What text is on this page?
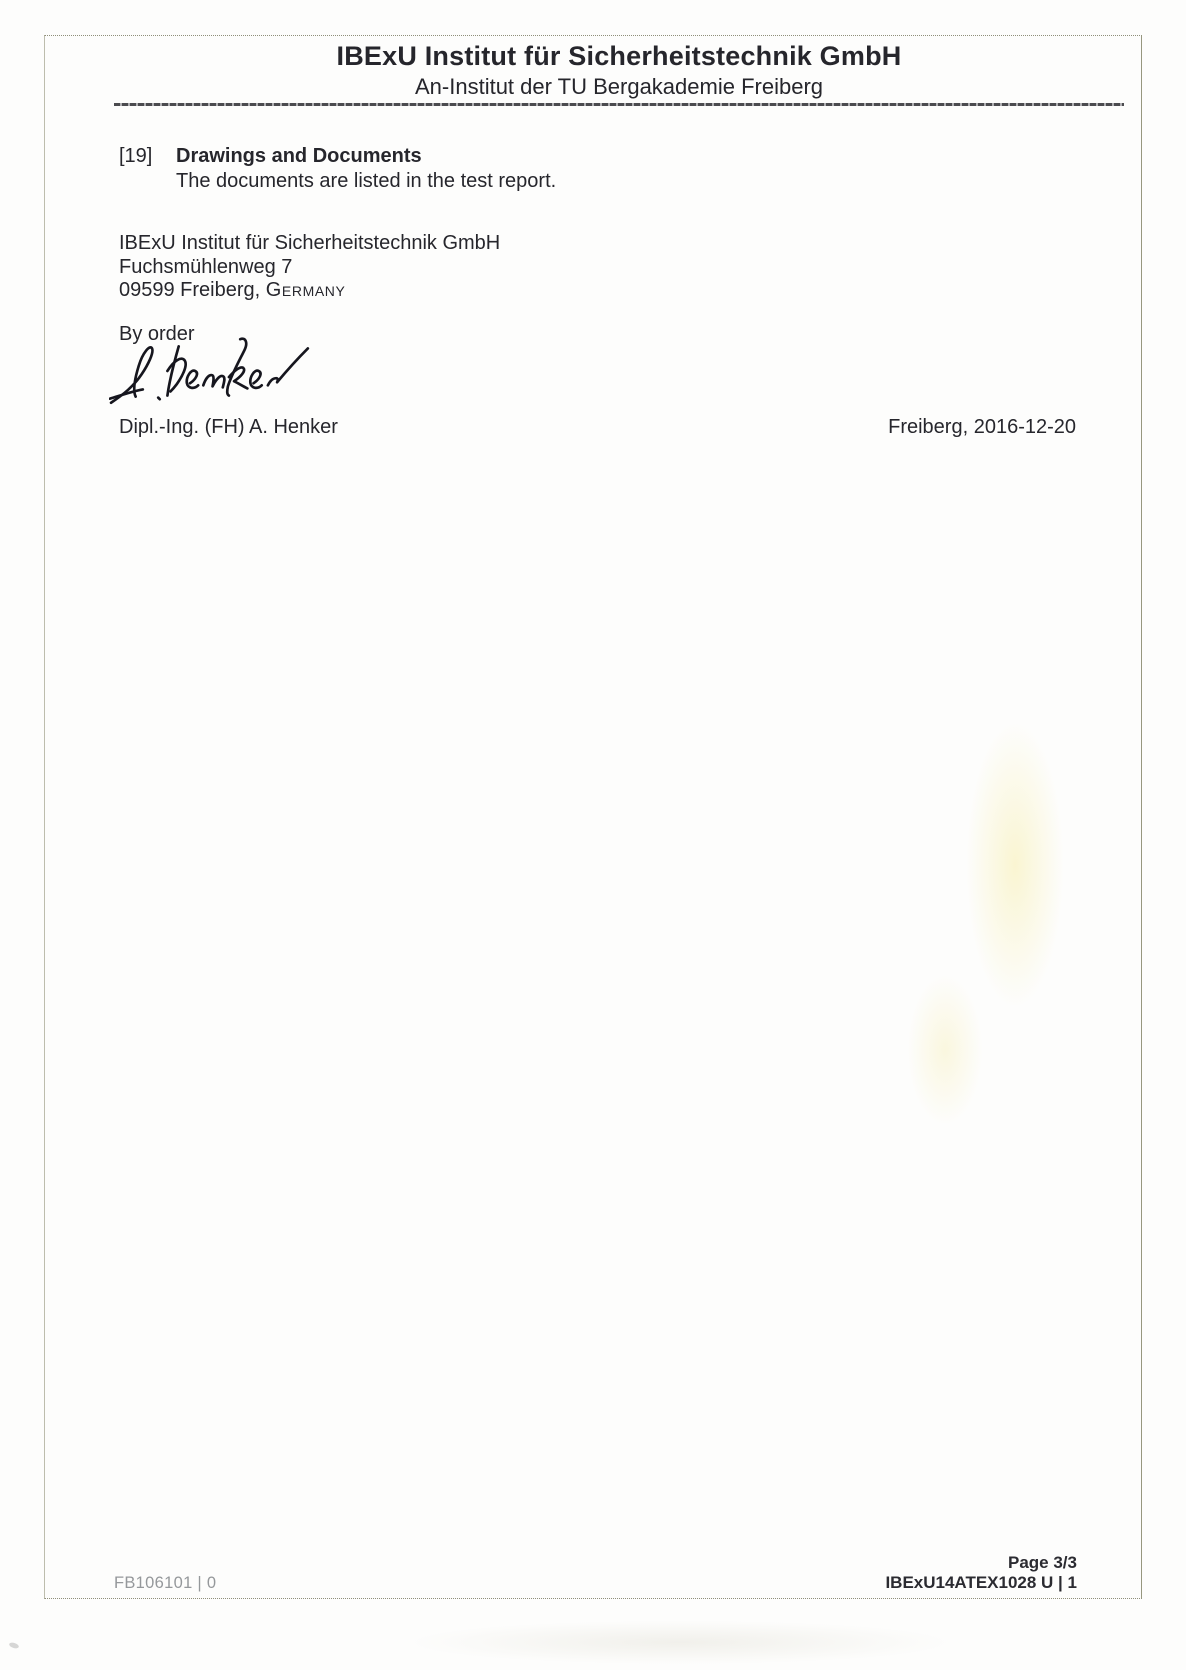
IBExU Institut für Sicherheitstechnik GmbH
An-Institut der TU Bergakademie Freiberg
[19]	Drawings and Documents
The documents are listed in the test report.
IBExU Institut für Sicherheitstechnik GmbH
Fuchsmühlenweg 7
09599 Freiberg, Germany
By order
Dipl.-Ing. (FH) A. Henker	Freiberg, 2016-12-20
FB106101 | 0
Page 3/3
IBExU14ATEX1028 U | 1
